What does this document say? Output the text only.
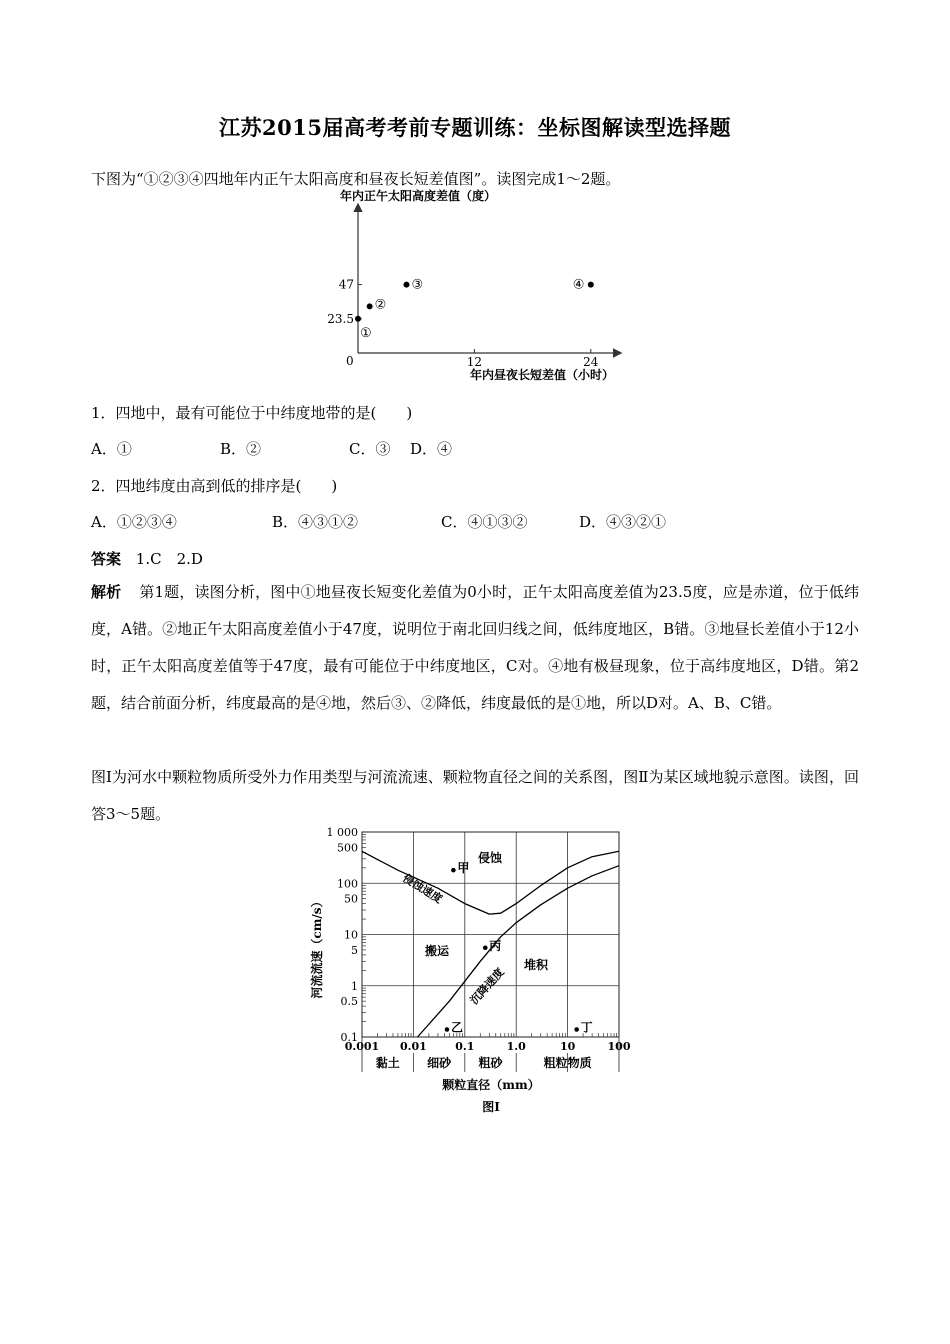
江苏2015届高考考前专题训练：坐标图解读型选择题
下图为“①②③④四地年内正午太阳高度和昼夜长短差值图”。读图完成1～2题。
年内正午太阳高度差值（度）
0	12	24
47
23.5
①
②
③	④
年内昼夜长短差值（小时）
1．四地中，最有可能位于中纬度地带的是(　　)
A．①	B．②	C．③ D．④
2．四地纬度由高到低的排序是(　　)
A．①②③④	B．④③①②	C．④①③②	D．④③②①
答案 1.C　2.D
解析 第1题，读图分析，图中①地昼夜长短变化差值为0小时，正午太阳高度差值为23.5度，应是赤道，位于低纬度，A错。②地正午太阳高度差值小于47度，说明位于南北回归线之间，低纬度地区，B错。③地昼长差值小于12小时，正午太阳高度差值等于47度，最有可能位于中纬度地区，C对。④地有极昼现象，位于高纬度地区，D错。第2题，结合前面分析，纬度最高的是④地，然后③、②降低，纬度最低的是①地，所以D对。A、B、C错。
图Ⅰ为河水中颗粒物质所受外力作用类型与河流流速、颗粒物直径之间的关系图，图Ⅱ为某区域地貌示意图。读图，回答3～5题。
1 000
500
100
50
10
5
1
0.5
0.1
0.001 0.01	0.1	1.0	10	100
甲
乙
丙
丁
侵蚀
搬运
堆积
侵蚀速度
沉降速度
黏土 细砂 粗砂	粗粒物质
河流流速（cm/s）
颗粒直径（mm）
图Ⅰ
